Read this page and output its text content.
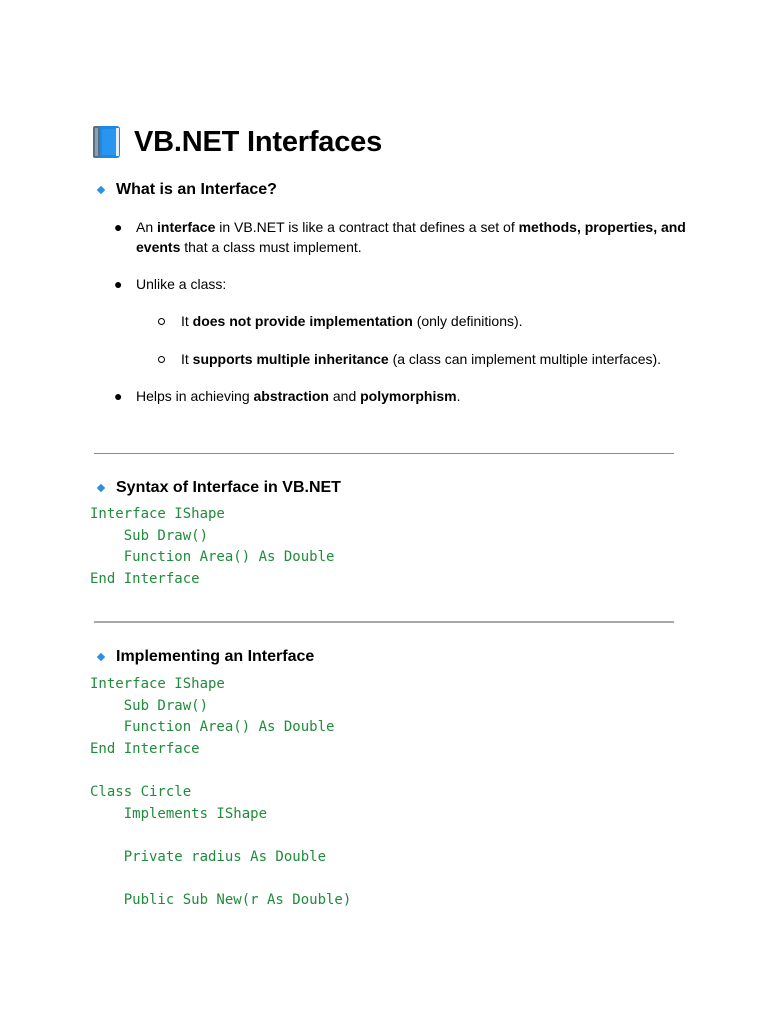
VB.NET Interfaces
What is an Interface?
● An interface in VB.NET is like a contract that defines a set of methods, properties, and
events that a class must implement.
● Unlike a class:
It does not provide implementation (only definitions).
It supports multiple inheritance (a class can implement multiple interfaces).
● Helps in achieving abstraction and polymorphism.
Syntax of Interface in VB.NET
Interface IShape
Sub Draw()
Function Area() As Double
End Interface
Implementing an Interface
Interface IShape
Sub Draw()
Function Area() As Double
End Interface

Class Circle
Implements IShape

Private radius As Double

Public Sub New(r As Double)
